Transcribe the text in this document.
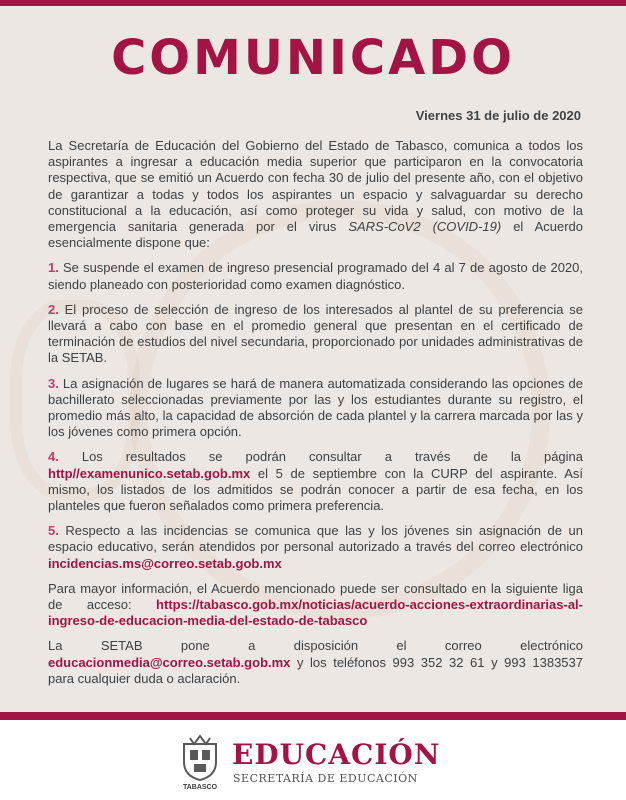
COMUNICADO
Viernes 31 de julio de 2020

La Secretaría de Educación del Gobierno del Estado de Tabasco, comunica a todos los aspirantes a ingresar a educación media superior que participaron en la convocatoria respectiva, que se emitió un Acuerdo con fecha 30 de julio del presente año, con el objetivo de garantizar a todas y todos los aspirantes un espacio y salvaguardar su derecho constitucional a la educación, así como proteger su vida y salud, con motivo de la emergencia sanitaria generada por el virus SARS-CoV2 (COVID-19) el Acuerdo esencialmente dispone que:

1. Se suspende el examen de ingreso presencial programado del 4 al 7 de agosto de 2020, siendo planeado con posterioridad como examen diagnóstico.

2. El proceso de selección de ingreso de los interesados al plantel de su preferencia se llevará a cabo con base en el promedio general que presentan en el certificado de terminación de estudios del nivel secundaria, proporcionado por unidades administrativas de la SETAB.

3. La asignación de lugares se hará de manera automatizada considerando las opciones de bachillerato seleccionadas previamente por las y los estudiantes durante su registro, el promedio más alto, la capacidad de absorción de cada plantel y la carrera marcada por las y los jóvenes como primera opción.

4. Los resultados se podrán consultar a través de la página http//examenunico.setab.gob.mx el 5 de septiembre con la CURP del aspirante. Así mismo, los listados de los admitidos se podrán conocer a partir de esa fecha, en los planteles que fueron señalados como primera preferencia.

5. Respecto a las incidencias se comunica que las y los jóvenes sin asignación de un espacio educativo, serán atendidos por personal autorizado a través del correo electrónico incidencias.ms@correo.setab.gob.mx

Para mayor información, el Acuerdo mencionado puede ser consultado en la siguiente liga de acceso: https://tabasco.gob.mx/noticias/acuerdo-acciones-extraordinarias-al-ingreso-de-educacion-media-del-estado-de-tabasco

La SETAB pone a disposición el correo electrónico educacionmedia@correo.setab.gob.mx y los teléfonos 993 352 32 61 y 993 1383537 para cualquier duda o aclaración.

TABASCO
EDUCACIÓN
SECRETARÍA DE EDUCACIÓN
